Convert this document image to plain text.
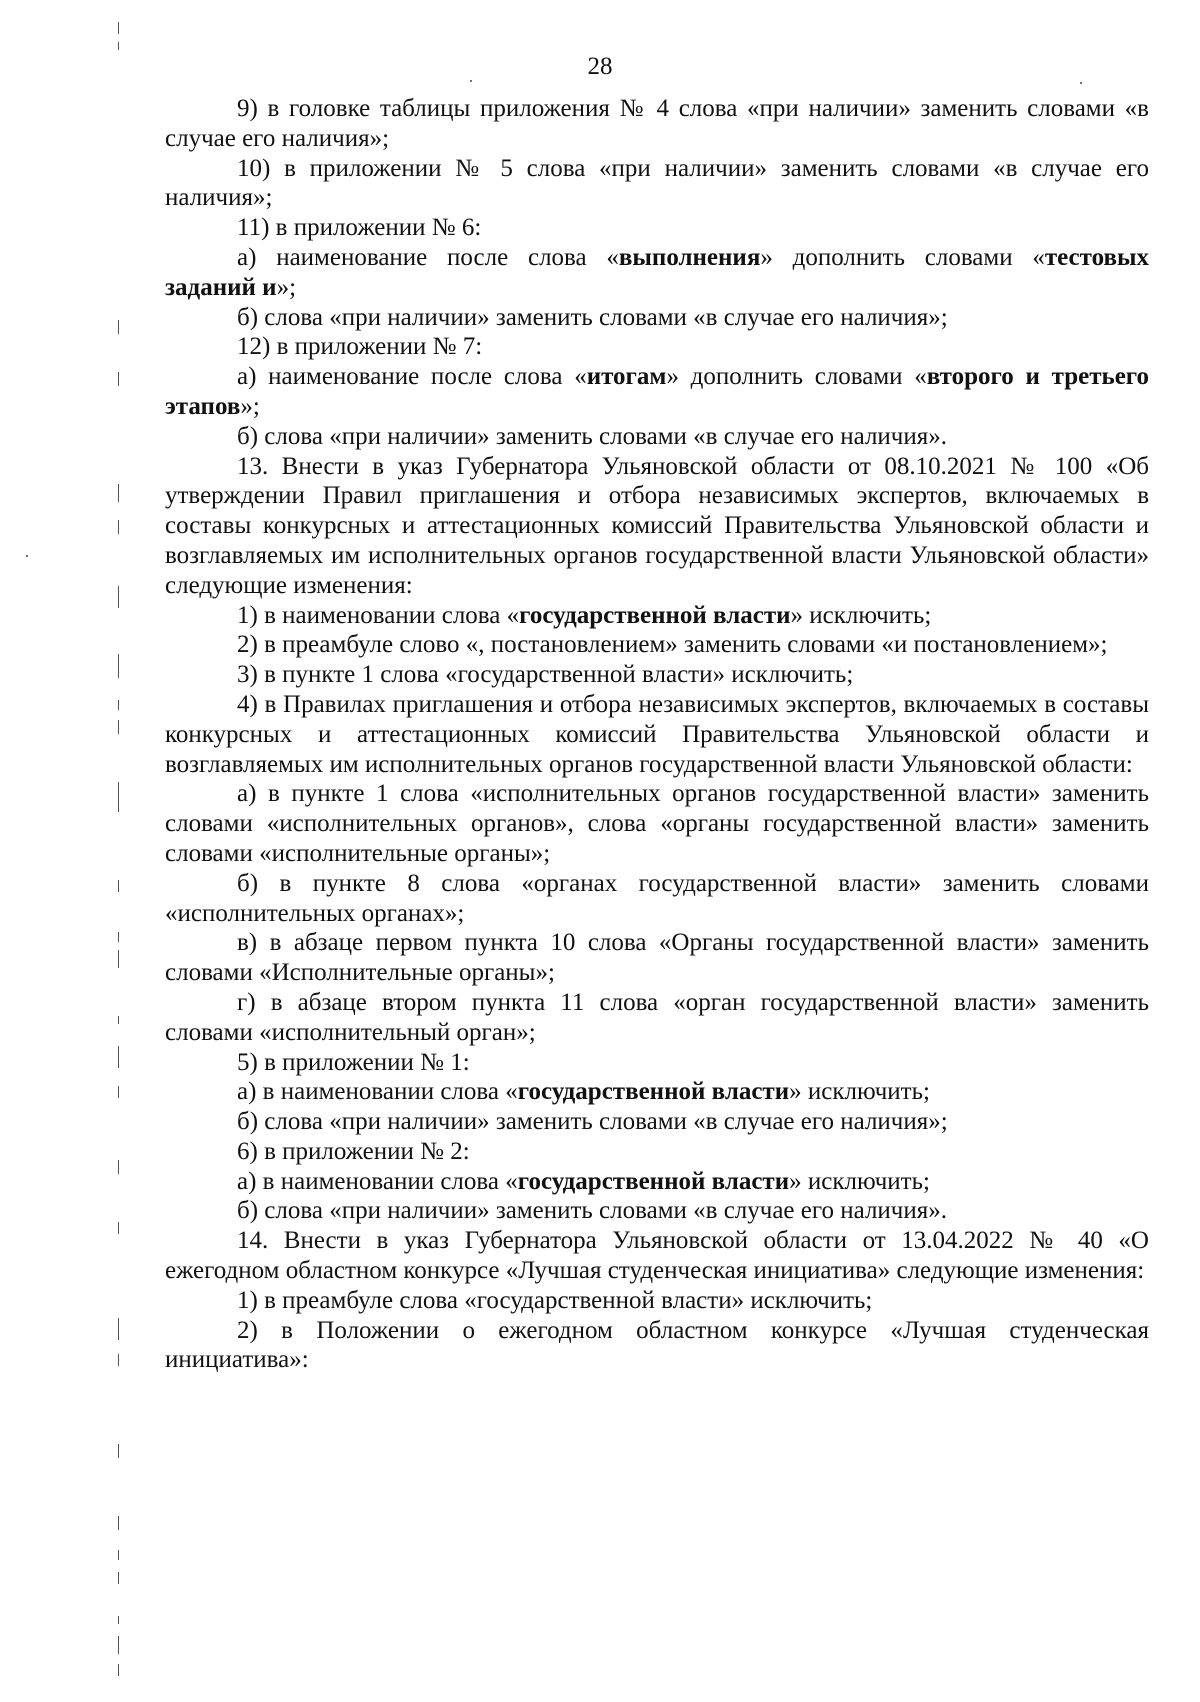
28

9) в головке таблицы приложения № 4 слова «при наличии» заменить словами «в случае его наличия»;

10) в приложении № 5 слова «при наличии» заменить словами «в случае его наличия»;

11) в приложении № 6:

а) наименование после слова «выполнения» дополнить словами «тестовых заданий и»;

б) слова «при наличии» заменить словами «в случае его наличия»;

12) в приложении № 7:

а) наименование после слова «итогам» дополнить словами «второго и третьего этапов»;

б) слова «при наличии» заменить словами «в случае его наличия».

13. Внести в указ Губернатора Ульяновской области от 08.10.2021 № 100 «Об утверждении Правил приглашения и отбора независимых экспертов, включаемых в составы конкурсных и аттестационных комиссий Правительства Ульяновской области и возглавляемых им исполнительных органов государственной власти Ульяновской области» следующие изменения:

1) в наименовании слова «государственной власти» исключить;

2) в преамбуле слово «, постановлением» заменить словами «и постановлением»;

3) в пункте 1 слова «государственной власти» исключить;

4) в Правилах приглашения и отбора независимых экспертов, включаемых в составы конкурсных и аттестационных комиссий Правительства Ульяновской области и возглавляемых им исполнительных органов государственной власти Ульяновской области:

а) в пункте 1 слова «исполнительных органов государственной власти» заменить словами «исполнительных органов», слова «органы государственной власти» заменить словами «исполнительные органы»;

б) в пункте 8 слова «органах государственной власти» заменить словами «исполнительных органах»;

в) в абзаце первом пункта 10 слова «Органы государственной власти» заменить словами «Исполнительные органы»;

г) в абзаце втором пункта 11 слова «орган государственной власти» заменить словами «исполнительный орган»;

5) в приложении № 1:

а) в наименовании слова «государственной власти» исключить;

б) слова «при наличии» заменить словами «в случае его наличия»;

6) в приложении № 2:

а) в наименовании слова «государственной власти» исключить;

б) слова «при наличии» заменить словами «в случае его наличия».

14. Внести в указ Губернатора Ульяновской области от 13.04.2022 № 40 «О ежегодном областном конкурсе «Лучшая студенческая инициатива» следующие изменения:

1) в преамбуле слова «государственной власти» исключить;

2) в Положении о ежегодном областном конкурсе «Лучшая студенческая инициатива»:
